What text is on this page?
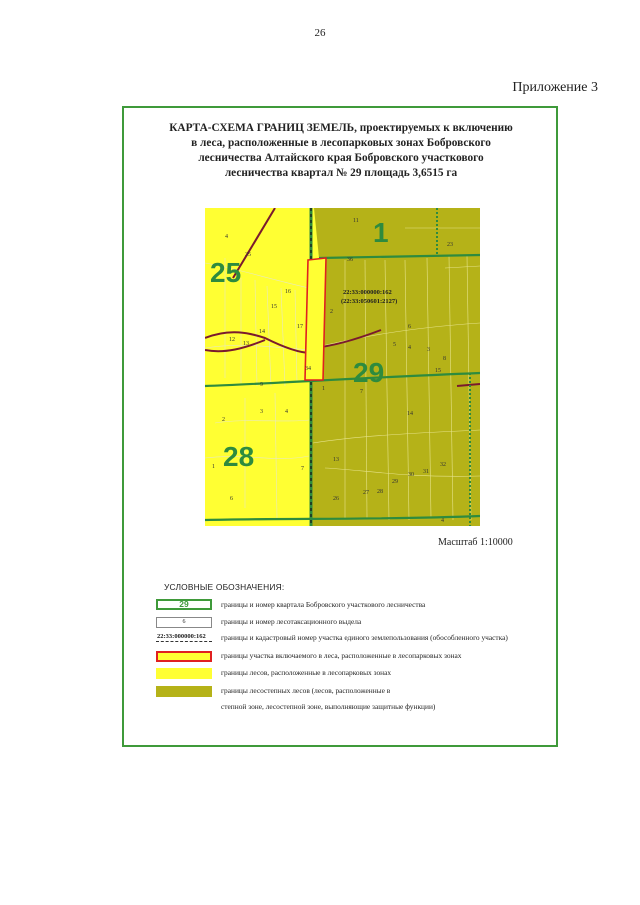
26
Приложение 3
КАРТА-СХЕМА ГРАНИЦ ЗЕМЕЛЬ, проектируемых к включению
в леса, расположенные в лесопарковых зонах Бобровского
лесничества Алтайского края Бобровского участкового
лесничества квартал № 29 площадь 3,6515 га
25
1
29
28
22:33:000000:162
(22:33:050601:2127)
4
35
11
23
36
16
15
2
17
14
12
13
6
4
5
3
8
15
34
9
1	7
3	4
2
14
1
13
6
7
29
30 31
32
27 28
26
4
Масштаб 1:10000
УСЛОВНЫЕ ОБОЗНАЧЕНИЯ:
29	границы и номер квартала Бобровского участкового лесничества
6	границы и номер лесотаксационного выдела
22:33:000000:162	границы и кадастровый номер участка единого землепользования (обособленного участка)
границы участка включаемого в леса, расположенные в лесопарковых зонах
границы лесов, расположенные в лесопарковых зонах
границы лесостепных лесов (лесов, расположенные в
степной зоне, лесостепной зоне, выполняющие защитные функции)
